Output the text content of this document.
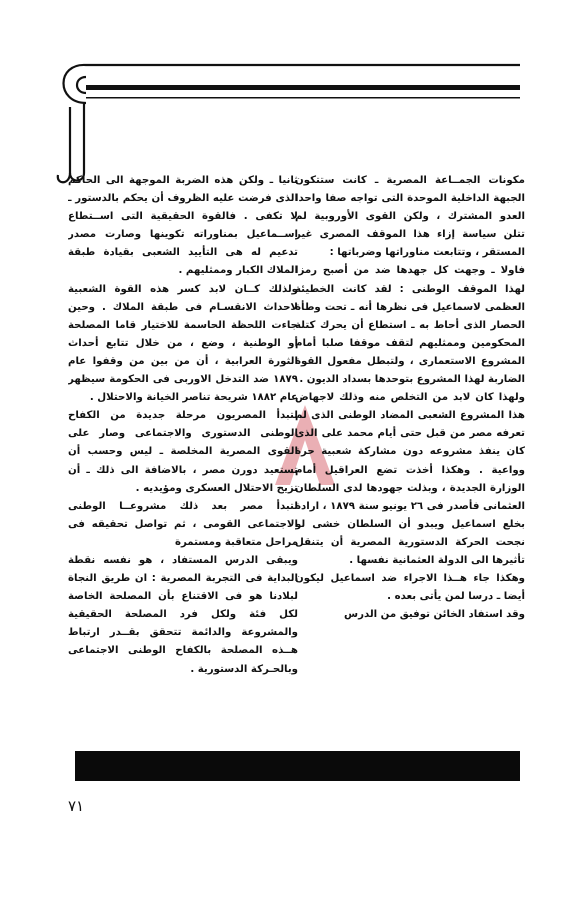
مكونات الجمــاعة المصرية ـ كانت ستتكون الجبهة الداخلية الموحدة التى تواجه صفا واحدا العدو المشترك ، ولكن القوى الأوروبية لم تتلن سياسة إزاء هذا الموقف المصرى غير المستقر ، وتتابعت مناوراتها وضرباتها :

فاولا ـ وجهت كل جهدها ضد من أصبح رمزا لهذا الموقف الوطنى : لقد كانت الخطيئة العظمى لاسماعيل فى نظرها أنه ـ تحت وطأة الحصار الذى أحاط به ـ استطاع أن يحرك كتلة المحكومين وممثليهم لتقف موقفا صلبا أمام المشروع الاستعمارى ، ولتبطل مفعول القوة الضاربة لهذا المشروع بتوحدها بسداد الديون .

ولهذا كان لابد من التخلص منه وذلك لاجهاض هذا المشروع الشعبى المضاد الوطنى الذى لم تعرفه مصر من قبل حتى أيام محمد على الذى كان ينفذ مشروعه دون مشاركة شعبية حرة وواعية . وهكذا أخذت تضع العراقيل أمام الوزارة الجديدة ، وبذلت جهودها لدى السلطان العثمانى فأصدر فى ٢٦ يونيو سنة ١٨٧٩ ، ارادة بخلع اسماعيل ويبدو أن السلطان خشى لو نجحت الحركة الدستورية المصرية أن يتنقل تأثيرها الى الدولة العثمانية نفسها .

وهكذا جاء هــذا الاجراء ضد اسماعيل ليكون أيضا ـ درسا لمن يأتى بعده .

وقد استفاد الخائن توفيق من الدرس

ثانيا ـ ولكن هذه الضربة الموجهة الى الحاكم الذى فرضت عليه الظروف أن يحكم بالدستور ـ لا تكفى . فالقوة الحقيقية التى اســتطاع اســماعيل بمناوراته تكوينها وصارت مصدر تدعيم له هى التأييد الشعبى بقيادة طبقة الملاك الكبار وممثليهم .

ولذلك كــان لابد كسر هذه القوة الشعبية لاحداث الانقسـام فى طبقة الملاك . وحين جاءت اللحظة الحاسمة للاختيار قاما المصلحة أو الوطنية ، وضع ، من خلال تتابع أحداث الثورة العرابية ، أن من بين من وقفوا عام ١٨٧٩ ضد التدخل الاوربى فى الحكومة سيظهر عام ١٨٨٢ شريحة تناصر الخيانة والاحتلال .

لتبدأ المصريون مرحلة جديدة من الكفاح الوطنى الدستورى والاجتماعى وصار على القوى المصرية المخلصة ـ ليس وحسب أن تستعيد دورن مصر ، بالاضافة الى ذلك ـ أن تزيح الاحتلال العسكرى ومؤيديه .

لتبدأ مصر بعد ذلك مشروعــا الوطنى الاجتماعى القومى ، ثم تواصل تحقيقه فى مراحل متعاقبة ومستمرة

ويبقى الدرس المستفاد ، هو نفسه نقطة البداية فى التجربة المصرية : ان طريق النجاة لبلادنا هو فى الاقتناع بأن المصلحة الخاصة لكل فئة ولكل فرد المصلحة الحقيقية والمشروعة والدائمة تتحقق بقــدر ارتباط هــذه المصلحة بالكفاح الوطنى الاجتماعى وبالحـركة الدستورية .

٧١
